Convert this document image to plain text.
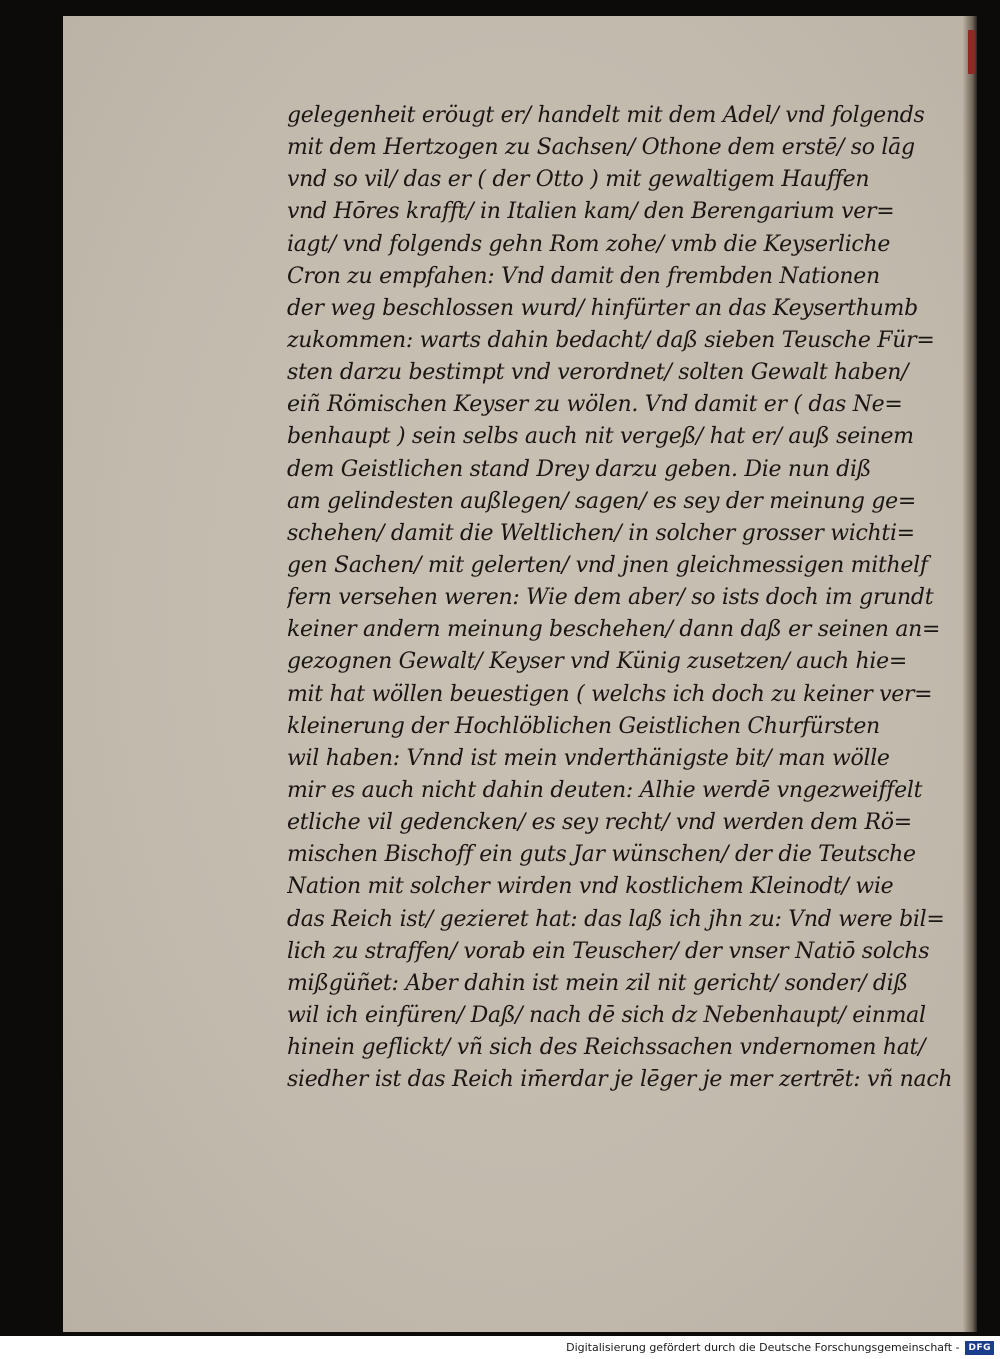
gelegenheit eröugt er/ handelt mit dem Adel/ vnd folgends
mit dem Hertzogen zu Sachsen/ Othone dem erstē/ so lāg
vnd so vil/ das er ( der Otto ) mit gewaltigem Hauffen
vnd Hōres krafft/ in Italien kam/ den Berengarium ver=
iagt/ vnd folgends gehn Rom zohe/ vmb die Keyserliche
Cron zu empfahen: Vnd damit den frembden Nationen
der weg beschlossen wurd/ hinfürter an das Keyserthumb
zukommen: warts dahin bedacht/ daß sieben Teusche Für=
sten darzu bestimpt vnd verordnet/ solten Gewalt haben/
eiñ Römischen Keyser zu wölen. Vnd damit er ( das Ne=
benhaupt ) sein selbs auch nit vergeß/ hat er/ auß seinem
dem Geistlichen stand Drey darzu geben. Die nun diß
am gelindesten außlegen/ sagen/ es sey der meinung ge=
schehen/ damit die Weltlichen/ in solcher grosser wichti=
gen Sachen/ mit gelerten/ vnd jnen gleichmessigen mithelf
fern versehen weren: Wie dem aber/ so ists doch im grundt
keiner andern meinung beschehen/ dann daß er seinen an=
gezognen Gewalt/ Keyser vnd Künig zusetzen/ auch hie=
mit hat wöllen beuestigen ( welchs ich doch zu keiner ver=
kleinerung der Hochlöblichen Geistlichen Churfürsten
wil haben: Vnnd ist mein vnderthänigste bit/ man wölle
mir es auch nicht dahin deuten: Alhie werdē vngezweiffelt
etliche vil gedencken/ es sey recht/ vnd werden dem Rö=
mischen Bischoff ein guts Jar wünschen/ der die Teutsche
Nation mit solcher wirden vnd kostlichem Kleinodt/ wie
das Reich ist/ gezieret hat: das laß ich jhn zu: Vnd were bil=
lich zu straffen/ vorab ein Teuscher/ der vnser Natiō solchs
mißgüñet: Aber dahin ist mein zil nit gericht/ sonder/ diß
wil ich einfüren/ Daß/ nach dē sich dz Nebenhaupt/ einmal
hinein geflickt/ vñ sich des Reichssachen vndernomen hat/
siedher ist das Reich im̄erdar je lēger je mer zertrēt: vñ nach
Digitalisierung gefördert durch die Deutsche Forschungsgemeinschaft -	DFG
